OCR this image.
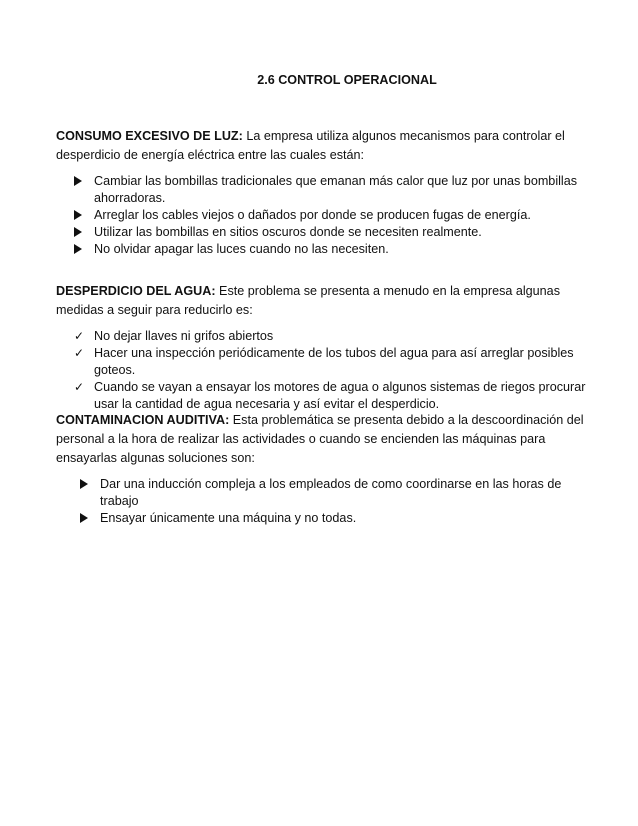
2.6 CONTROL OPERACIONAL

CONSUMO EXCESIVO DE LUZ: La empresa utiliza algunos mecanismos para controlar el desperdicio de energía eléctrica entre las cuales están:

Cambiar las bombillas tradicionales que emanan más calor que luz por unas bombillas ahorradoras.
Arreglar los cables viejos o dañados por donde se producen fugas de energía.
Utilizar las bombillas en sitios oscuros donde se necesiten realmente.
No olvidar apagar las luces cuando no las necesiten.

DESPERDICIO DEL AGUA: Este problema se presenta a menudo en la empresa algunas medidas a seguir para reducirlo es:

✓ No dejar llaves ni grifos abiertos
✓ Hacer una inspección periódicamente de los tubos del agua para así arreglar posibles goteos.
✓ Cuando se vayan a ensayar los motores de agua o algunos sistemas de riegos procurar usar la cantidad de agua necesaria y así evitar el desperdicio.

CONTAMINACION AUDITIVA: Esta problemática se presenta debido a la descoordinación del personal a la hora de realizar las actividades o cuando se encienden las máquinas para ensayarlas algunas soluciones son:

Dar una inducción compleja a los empleados de como coordinarse en las horas de trabajo
Ensayar únicamente una máquina y no todas.
